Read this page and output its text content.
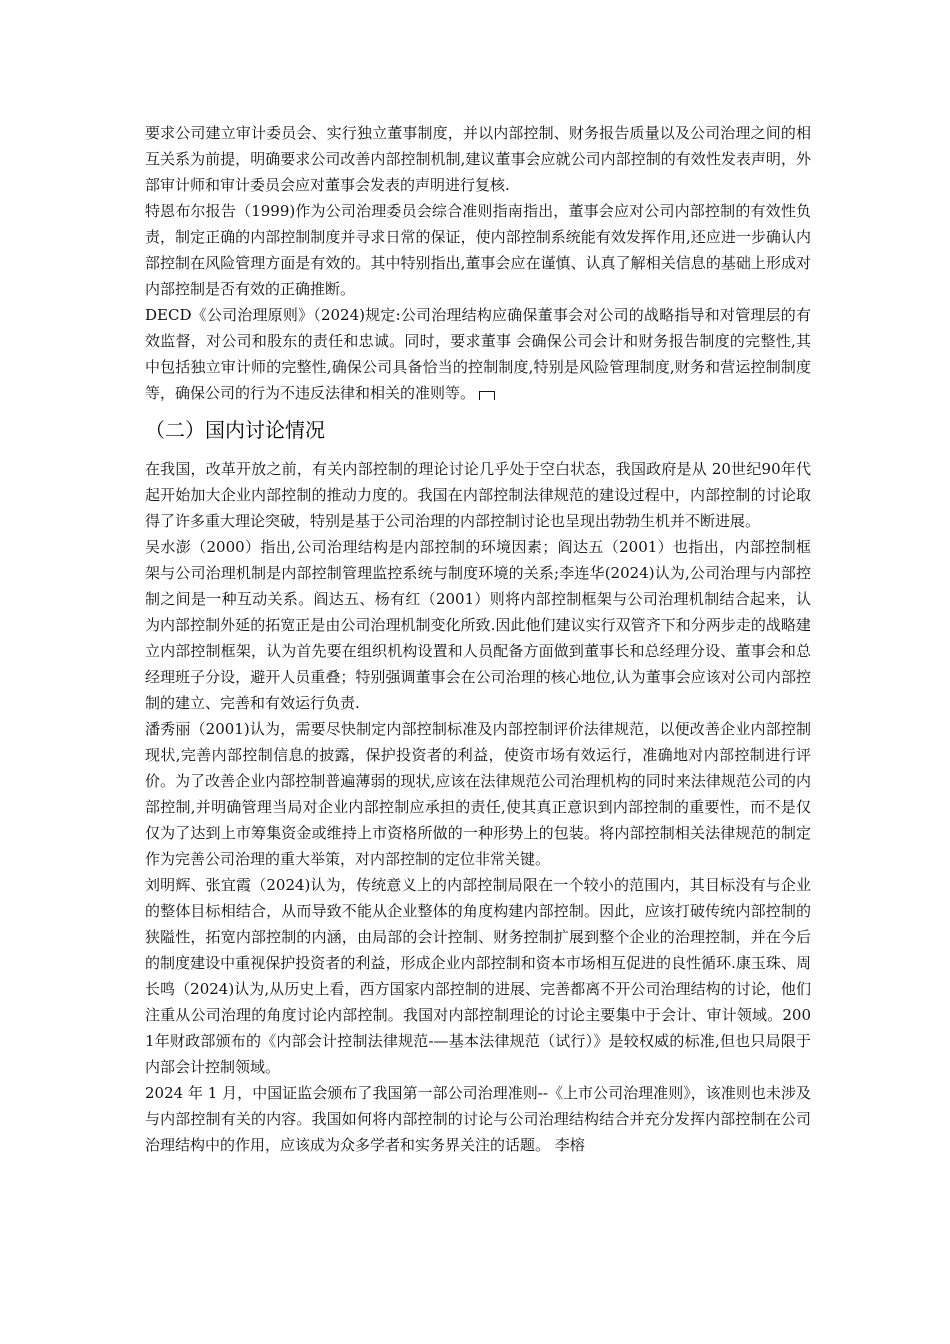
要求公司建立审计委员会、实行独立董事制度，并以内部控制、财务报告质量以及公司治理之间的相互关系为前提，明确要求公司改善内部控制机制,建议董事会应就公司内部控制的有效性发表声明，外部审计师和审计委员会应对董事会发表的声明进行复核.

特恩布尔报告（1999)作为公司治理委员会综合准则指南指出，董事会应对公司内部控制的有效性负责，制定正确的内部控制制度并寻求日常的保证，使内部控制系统能有效发挥作用,还应进一步确认内部控制在风险管理方面是有效的。其中特别指出,董事会应在谨慎、认真了解相关信息的基础上形成对内部控制是否有效的正确推断。

DECD《公司治理原则》（2024)规定:公司治理结构应确保董事会对公司的战略指导和对管理层的有效监督，对公司和股东的责任和忠诚。同时，要求董事 会确保公司会计和财务报告制度的完整性,其中包括独立审计师的完整性,确保公司具备恰当的控制制度,特别是风险管理制度,财务和营运控制制度等，确保公司的行为不违反法律和相关的准则等。

（二）国内讨论情况

在我国，改革开放之前，有关内部控制的理论讨论几乎处于空白状态，我国政府是从 20世纪90年代起开始加大企业内部控制的推动力度的。我国在内部控制法律规范的建设过程中，内部控制的讨论取得了许多重大理论突破，特别是基于公司治理的内部控制讨论也呈现出勃勃生机并不断进展。

吴水澎（2000）指出,公司治理结构是内部控制的环境因素；阎达五（2001）也指出，内部控制框架与公司治理机制是内部控制管理监控系统与制度环境的关系;李连华(2024)认为,公司治理与内部控制之间是一种互动关系。阎达五、杨有红（2001）则将内部控制框架与公司治理机制结合起来，认为内部控制外延的拓宽正是由公司治理机制变化所致.因此他们建议实行双管齐下和分两步走的战略建立内部控制框架，认为首先要在组织机构设置和人员配备方面做到董事长和总经理分设、董事会和总经理班子分设，避开人员重叠；特别强调董事会在公司治理的核心地位,认为董事会应该对公司内部控制的建立、完善和有效运行负责.

潘秀丽（2001)认为，需要尽快制定内部控制标准及内部控制评价法律规范，以便改善企业内部控制现状,完善内部控制信息的披露，保护投资者的利益，使资市场有效运行，准确地对内部控制进行评价。为了改善企业内部控制普遍薄弱的现状,应该在法律规范公司治理机构的同时来法律规范公司的内部控制,并明确管理当局对企业内部控制应承担的责任,使其真正意识到内部控制的重要性，而不是仅仅为了达到上市筹集资金或维持上市资格所做的一种形势上的包装。将内部控制相关法律规范的制定作为完善公司治理的重大举策，对内部控制的定位非常关键。

刘明辉、张宜霞（2024)认为，传统意义上的内部控制局限在一个较小的范围内，其目标没有与企业的整体目标相结合，从而导致不能从企业整体的角度构建内部控制。因此，应该打破传统内部控制的狭隘性，拓宽内部控制的内涵，由局部的会计控制、财务控制扩展到整个企业的治理控制，并在今后的制度建设中重视保护投资者的利益，形成企业内部控制和资本市场相互促进的良性循环.康玉珠、周长鸣（2024)认为,从历史上看，西方国家内部控制的进展、完善都离不开公司治理结构的讨论，他们注重从公司治理的角度讨论内部控制。我国对内部控制理论的讨论主要集中于会计、审计领域。2001年财政部颁布的《内部会计控制法律规范-—基本法律规范（试行）》是较权威的标准,但也只局限于内部会计控制领域。

2024 年 1 月，中国证监会颁布了我国第一部公司治理准则--《上市公司治理准则》，该准则也未涉及与内部控制有关的内容。我国如何将内部控制的讨论与公司治理结构结合并充分发挥内部控制在公司治理结构中的作用，应该成为众多学者和实务界关注的话题。 李榕
